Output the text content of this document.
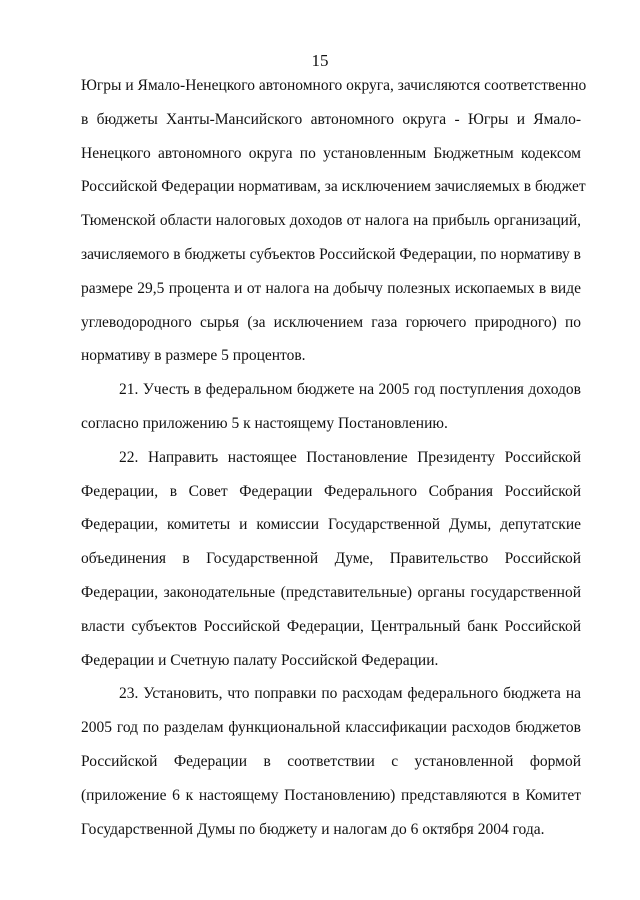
15
Югры и Ямало-Ненецкого автономного округа, зачисляются соответственно
в бюджеты Ханты-Мансийского автономного округа - Югры и Ямало-
Ненецкого автономного округа по установленным Бюджетным кодексом
Российской Федерации нормативам, за исключением зачисляемых в бюджет
Тюменской области налоговых доходов от налога на прибыль организаций,
зачисляемого в бюджеты субъектов Российской Федерации, по нормативу в
размере 29,5 процента и от налога на добычу полезных ископаемых в виде
углеводородного сырья (за исключением газа горючего природного) по
нормативу в размере 5 процентов.
21. Учесть в федеральном бюджете на 2005 год поступления доходов
согласно приложению 5 к настоящему Постановлению.
22. Направить настоящее Постановление Президенту Российской
Федерации, в Совет Федерации Федерального Собрания Российской
Федерации, комитеты и комиссии Государственной Думы, депутатские
объединения в Государственной Думе, Правительство Российской
Федерации, законодательные (представительные) органы государственной
власти субъектов Российской Федерации, Центральный банк Российской
Федерации и Счетную палату Российской Федерации.
23. Установить, что поправки по расходам федерального бюджета на
2005 год по разделам функциональной классификации расходов бюджетов
Российской Федерации в соответствии с установленной формой
(приложение 6 к настоящему Постановлению) представляются в Комитет
Государственной Думы по бюджету и налогам до 6 октября 2004 года.
